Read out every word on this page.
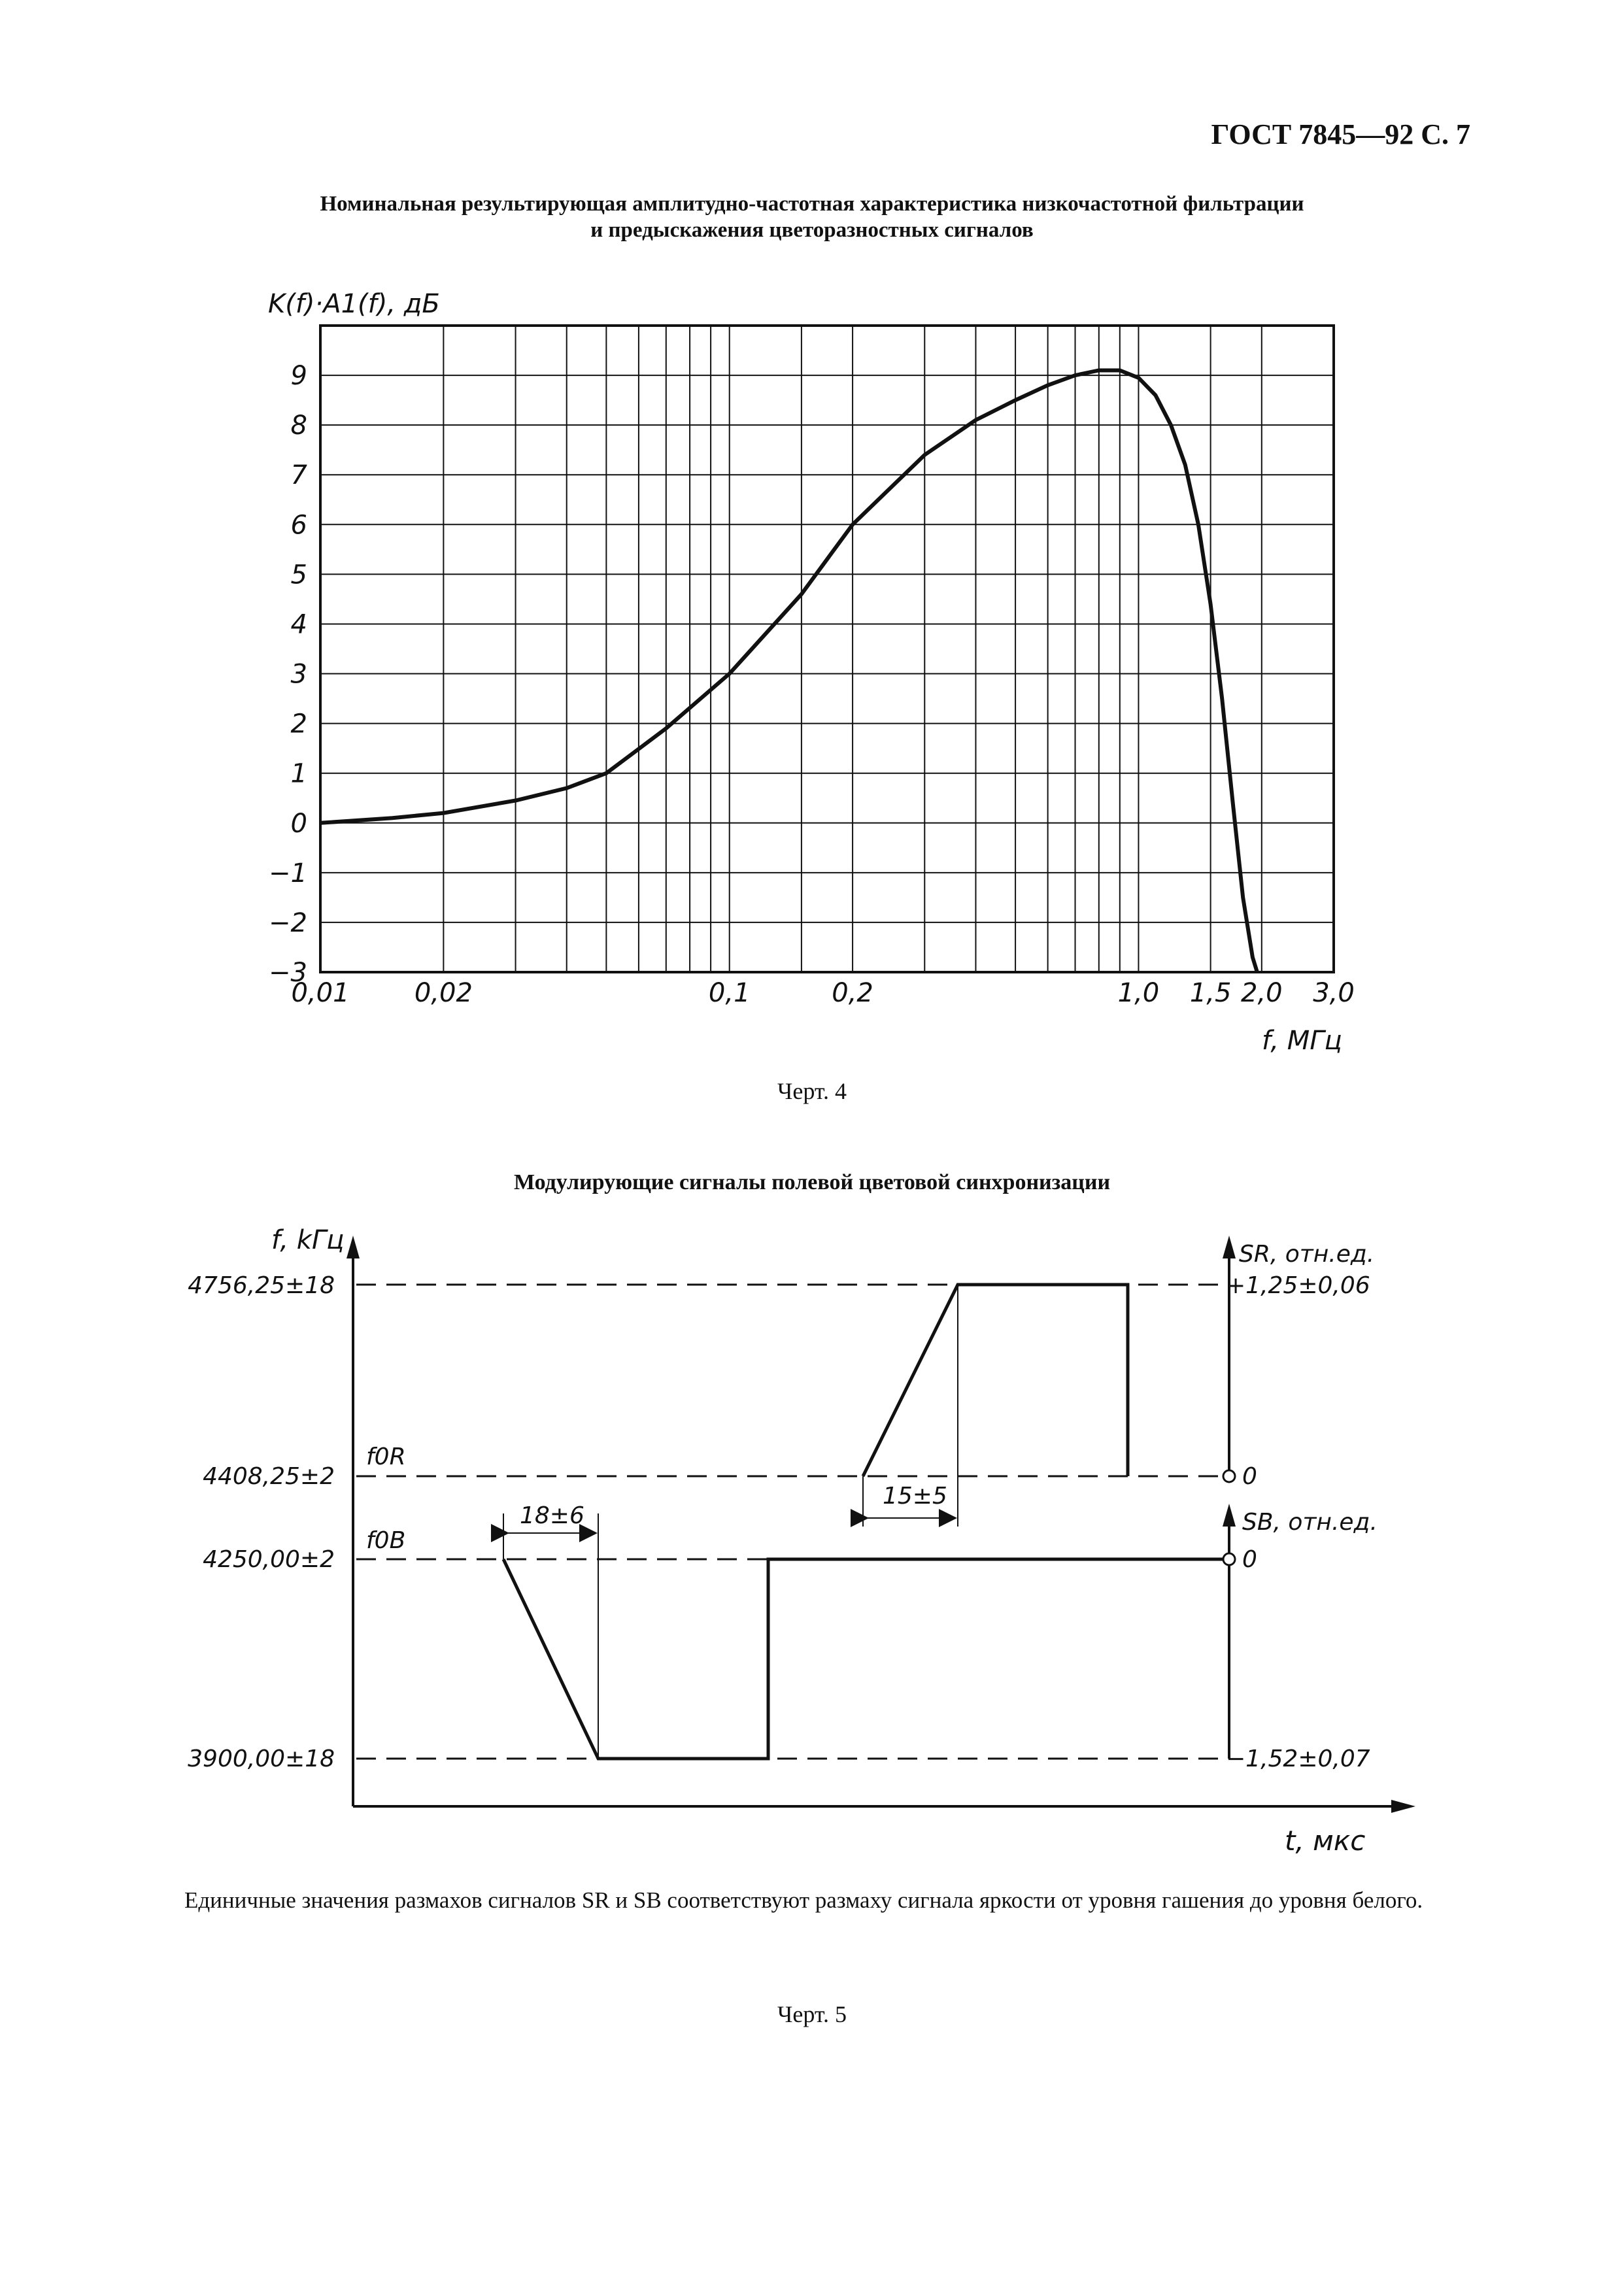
ГОСТ 7845—92 С. 7
Номинальная результирующая амплитудно-частотная характеристика низкочастотной фильтрации
и предыскажения цветоразностных сигналов
9
8
7
6
5
4
3
2
1
0
−1
−2
−3
0,01 0,02	0,1	0,2	1,0 1,5 2,0 3,0
K(f)·A1(f), дБ
f, МГц
Черт. 4
Модулирующие сигналы полевой цветовой синхронизации
18±6
15±5
f, kГц
4756,25±18
4408,25±2
4250,00±2
3900,00±18
f0R
f0B
SR, отн.ед.
+1,25±0,06
0
SB, отн.ед.
0
−1,52±0,07
t, мкс
Единичные значения размахов сигналов SR и SB соответствуют размаху сигнала яркости от уровня гашения до уровня белого.
Черт. 5
